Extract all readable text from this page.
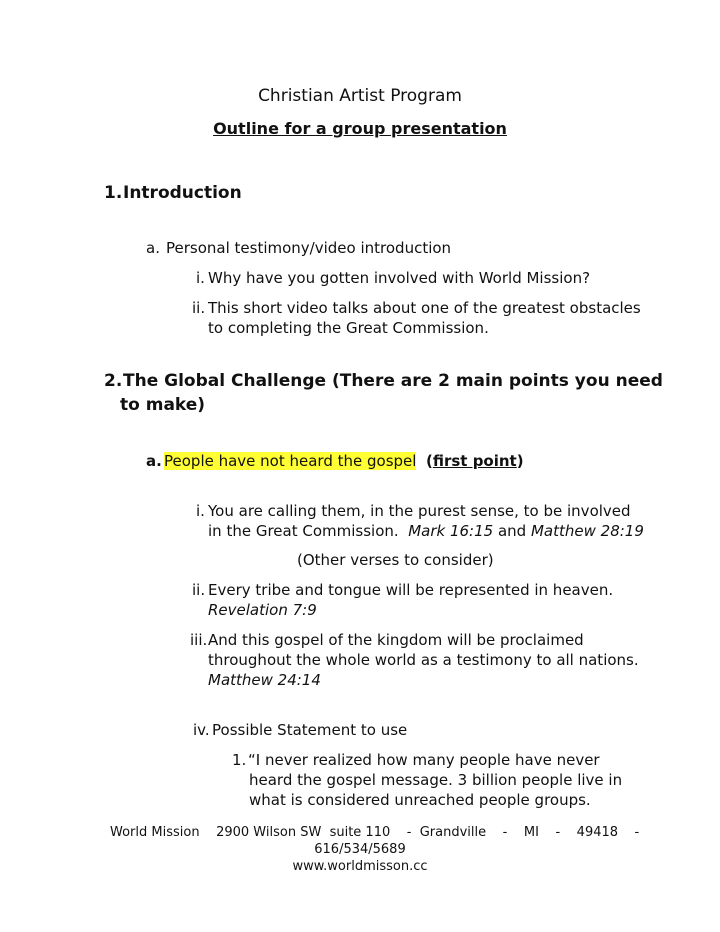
Christian Artist Program
Outline for a group presentation
1. Introduction
a. Personal testimony/video introduction
i. Why have you gotten involved with World Mission?
ii. This short video talks about one of the greatest obstacles
to completing the Great Commission.
2. The Global Challenge (There are 2 main points you need
to make)
a. People have not heard the gospel (first point)
i. You are calling them, in the purest sense, to be involved
in the Great Commission. Mark 16:15 and Matthew 28:19
(Other verses to consider)
ii. Every tribe and tongue will be represented in heaven.
Revelation 7:9
iii. And this gospel of the kingdom will be proclaimed
throughout the whole world as a testimony to all nations.
Matthew 24:14
iv. Possible Statement to use
1. “I never realized how many people have never
heard the gospel message. 3 billion people live in
what is considered unreached people groups.
World Mission    2900 Wilson SW  suite 110    -  Grandville    -    MI    -    49418    -
616/534/5689
www.worldmisson.cc
